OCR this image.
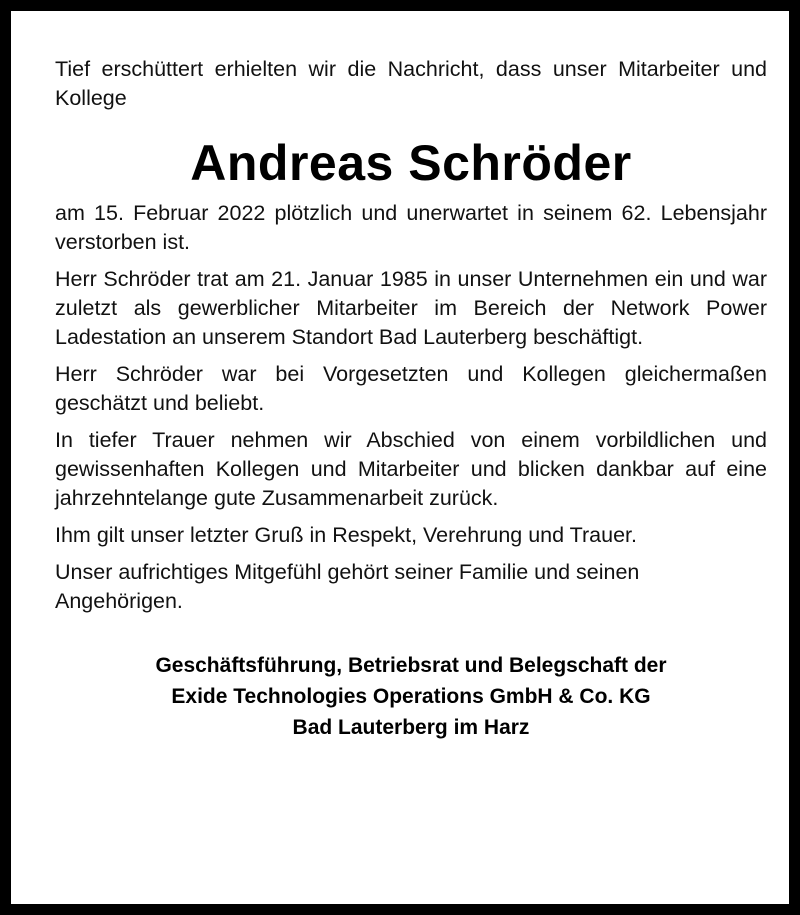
Tief erschüttert erhielten wir die Nachricht, dass unser Mitarbeiter und Kollege

Andreas Schröder

am 15. Februar 2022 plötzlich und unerwartet in seinem 62. Lebensjahr verstorben ist.

Herr Schröder trat am 21. Januar 1985 in unser Unternehmen ein und war zuletzt als gewerblicher Mitarbeiter im Bereich der Network Power Ladestation an unserem Standort Bad Lauterberg beschäftigt.

Herr Schröder war bei Vorgesetzten und Kollegen gleichermaßen geschätzt und beliebt.

In tiefer Trauer nehmen wir Abschied von einem vorbildlichen und gewissenhaften Kollegen und Mitarbeiter und blicken dankbar auf eine jahrzehntelange gute Zusammenarbeit zurück.

Ihm gilt unser letzter Gruß in Respekt, Verehrung und Trauer.

Unser aufrichtiges Mitgefühl gehört seiner Familie und seinen Angehörigen.

Geschäftsführung, Betriebsrat und Belegschaft der
Exide Technologies Operations GmbH & Co. KG
Bad Lauterberg im Harz
